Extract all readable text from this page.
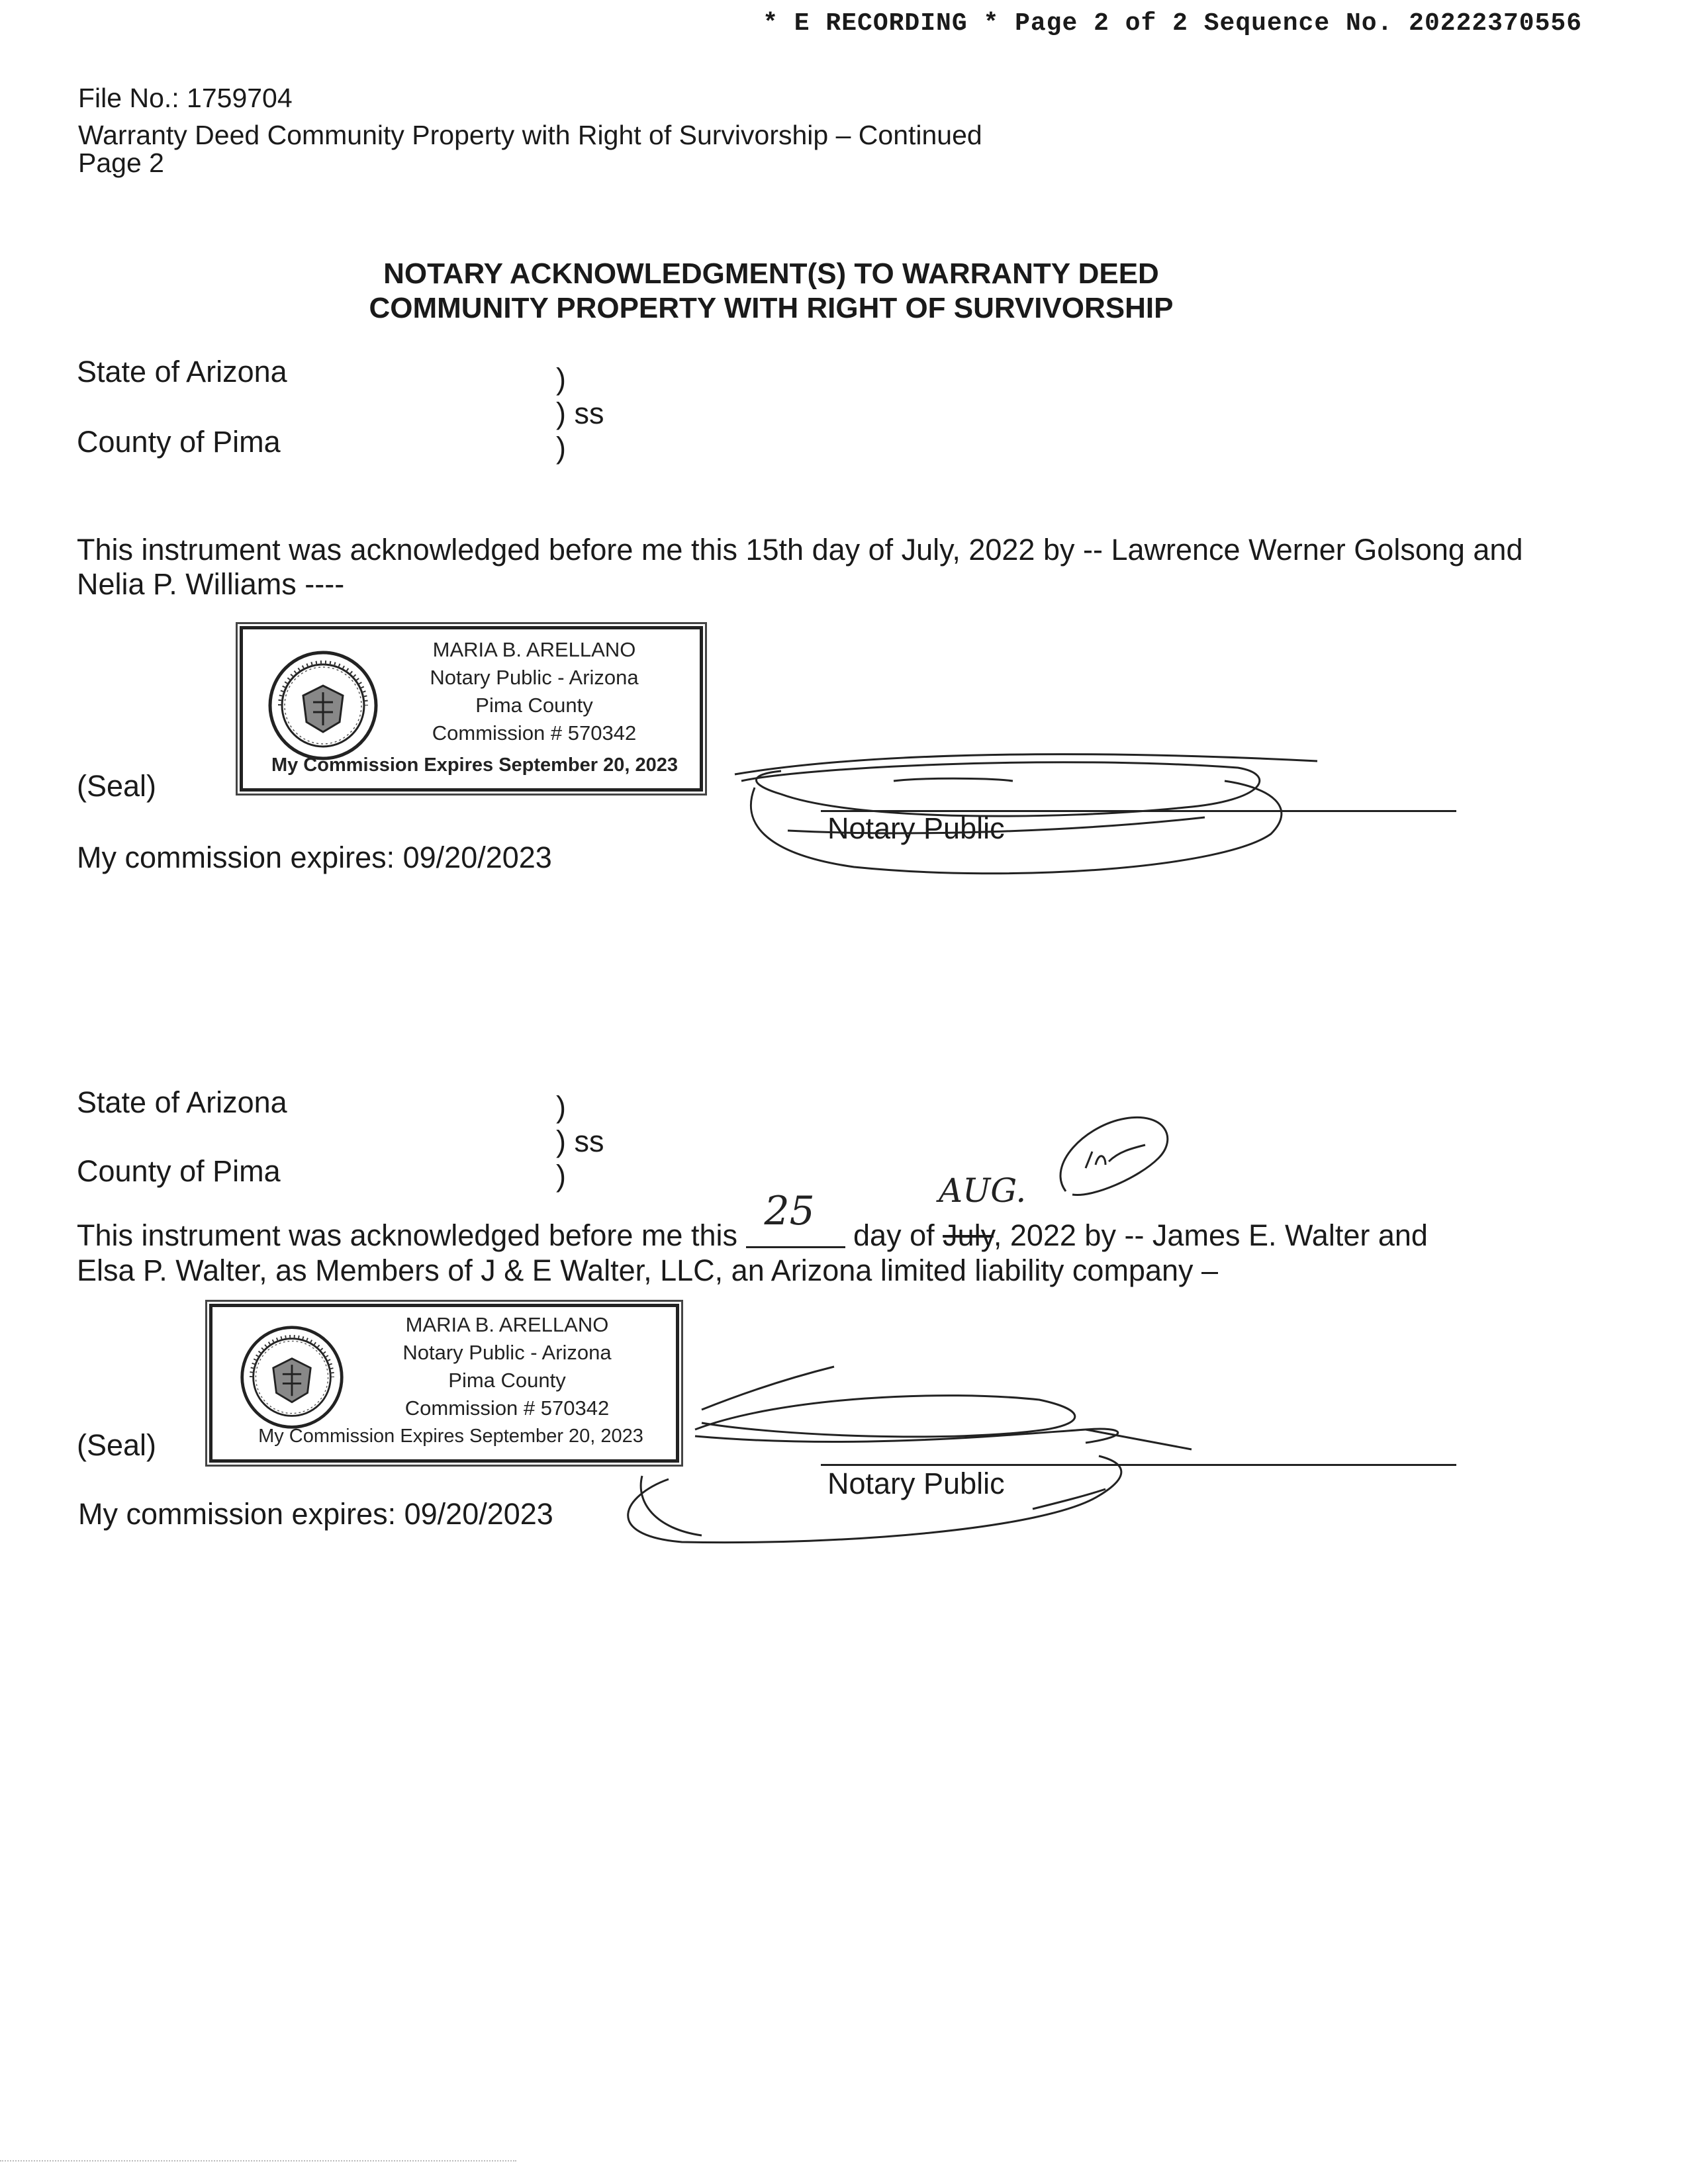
* E RECORDING * Page 2 of 2 Sequence No. 20222370556
File No.: 1759704
Warranty Deed Community Property with Right of Survivorship – Continued
Page 2
NOTARY ACKNOWLEDGMENT(S) TO WARRANTY DEED
COMMUNITY PROPERTY WITH RIGHT OF SURVIVORSHIP
State of Arizona
County of Pima
)
) ss
)
This instrument was acknowledged before me this 15th day of July, 2022 by -- Lawrence Werner Golsong and
Nelia P. Williams ----
MARIA B. ARELLANO
Notary Public - Arizona
Pima County
Commission # 570342
My Commission Expires September 20, 2023
(Seal)
Notary Public
My commission expires: 09/20/2023
State of Arizona
County of Pima
)
) ss
)
This instrument was acknowledged before me this
25
day of July, 2022 by -- James E. Walter and
AUG.
Elsa P. Walter, as Members of J & E Walter, LLC, an Arizona limited liability company –
MARIA B. ARELLANO
Notary Public - Arizona
Pima County
Commission # 570342
My Commission Expires September 20, 2023
(Seal)
Notary Public
My commission expires: 09/20/2023
